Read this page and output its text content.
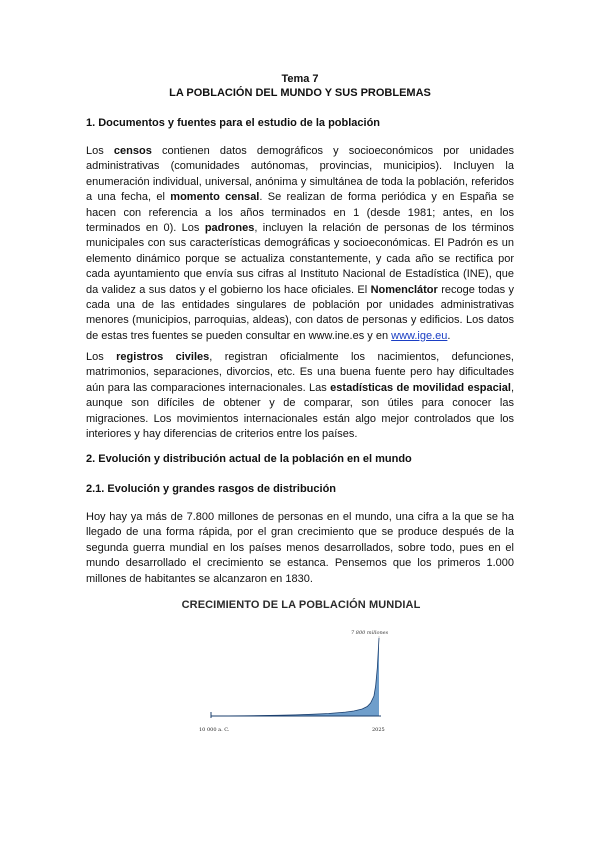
Tema 7
LA POBLACIÓN DEL MUNDO Y SUS PROBLEMAS
1. Documentos y fuentes para el estudio de la población

Los censos contienen datos demográficos y socioeconómicos por unidades administrativas (comunidades autónomas, provincias, municipios). Incluyen la enumeración individual, universal, anónima y simultánea de toda la población, referidos a una fecha, el momento censal. Se realizan de forma periódica y en España se hacen con referencia a los años terminados en 1 (desde 1981; antes, en los terminados en 0). Los padrones, incluyen la relación de personas de los términos municipales con sus características demográficas y socioeconómicas. El Padrón es un elemento dinámico porque se actualiza constantemente, y cada año se rectifica por cada ayuntamiento que envía sus cifras al Instituto Nacional de Estadística (INE), que da validez a sus datos y el gobierno los hace oficiales. El Nomenclátor recoge todas y cada una de las entidades singulares de población por unidades administrativas menores (municipios, parroquias, aldeas), con datos de personas y edificios. Los datos de estas tres fuentes se pueden consultar en www.ine.es y en www.ige.eu.

Los registros civiles, registran oficialmente los nacimientos, defunciones, matrimonios, separaciones, divorcios, etc. Es una buena fuente pero hay dificultades aún para las comparaciones internacionales. Las estadísticas de movilidad espacial, aunque son difíciles de obtener y de comparar, son útiles para conocer las migraciones. Los movimientos internacionales están algo mejor controlados que los interiores y hay diferencias de criterios entre los países.

2. Evolución y distribución actual de la población en el mundo
2.1. Evolución y grandes rasgos de distribución

Hoy hay ya más de 7.800 millones de personas en el mundo, una cifra a la que se ha llegado de una forma rápida, por el gran crecimiento que se produce después de la segunda guerra mundial en los países menos desarrollados, sobre todo, pues en el mundo desarrollado el crecimiento se estanca. Pensemos que los primeros 1.000 millones de habitantes se alcanzaron en 1830.

CRECIMIENTO DE LA POBLACIÓN MUNDIAL
7 800 millones
10 000 a. C.	2025
